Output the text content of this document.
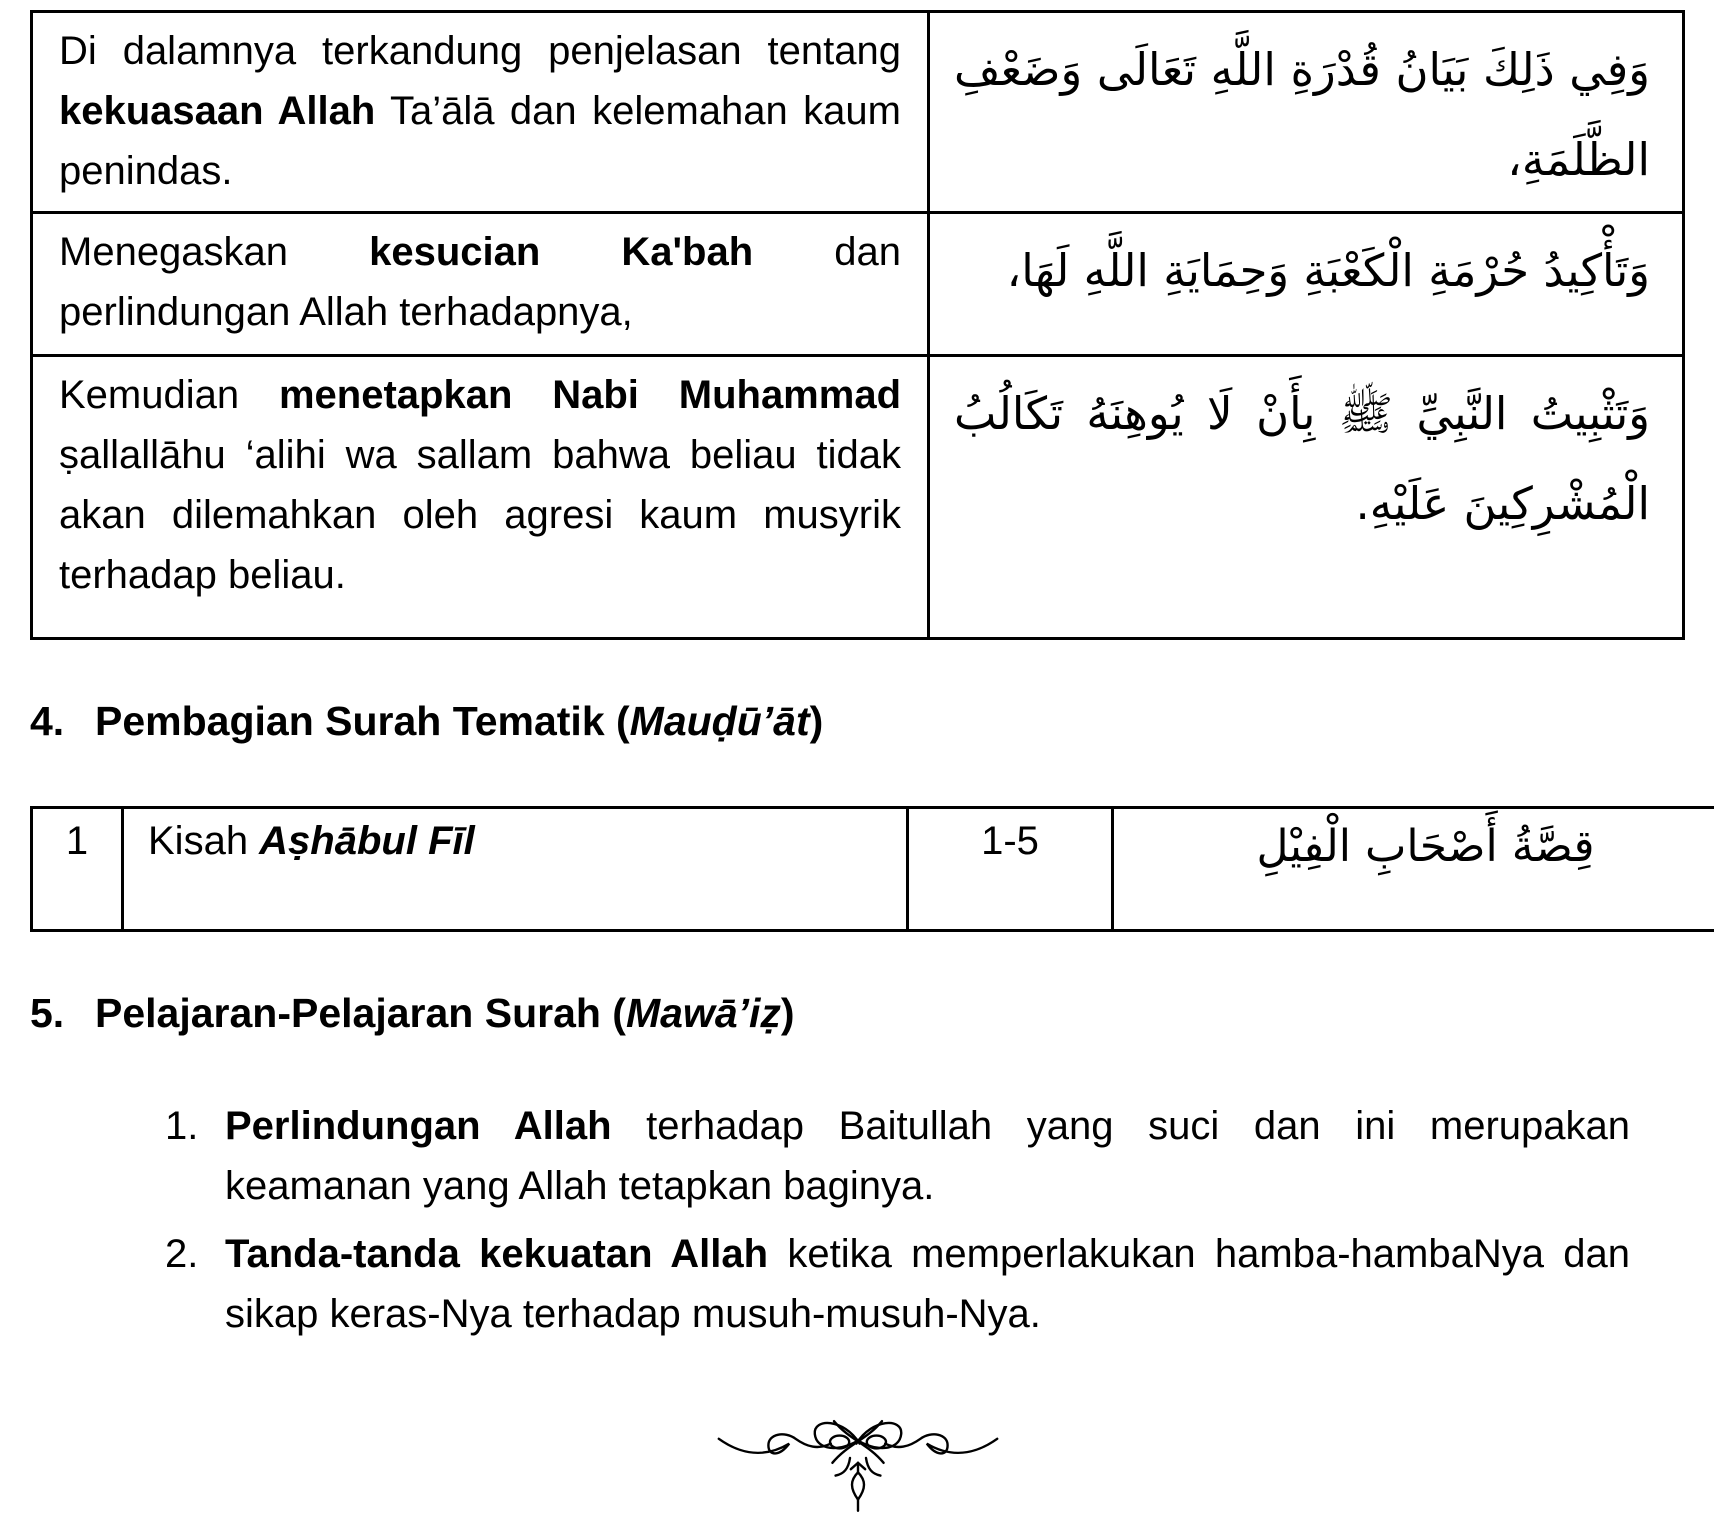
Di dalamnya terkandung penjelasan tentang kekuasaan Allah Ta’ālā dan kelemahan kaum penindas.	وَفِي ذَلِكَ بَيَانُ قُدْرَةِ اللَّهِ تَعَالَى وَضَعْفِ الظَّلَمَةِ،
Menegaskan kesucian Ka'bah dan perlindungan Allah terhadapnya,	وَتَأْكِيدُ حُرْمَةِ الْكَعْبَةِ وَحِمَايَةِ اللَّهِ لَهَا،
Kemudian menetapkan Nabi Muhammad ṣallallāhu ‘alihi wa sallam bahwa beliau tidak akan dilemahkan oleh agresi kaum musyrik terhadap beliau.	وَتَثْبِيتُ النَّبِيِّ ﷺ بِأَنْ لَا يُوهِنَهُ تَكَالُبُ الْمُشْرِكِينَ عَلَيْهِ.
4. Pembagian Surah Tematik (Mauḍū’āt)
1	Kisah Aṣhābul Fīl	1-5	قِصَّةُ أَصْحَابِ الْفِيْلِ
5. Pelajaran-Pelajaran Surah (Mawā’iẓ)
1. Perlindungan Allah terhadap Baitullah yang suci dan ini merupakan keamanan yang Allah tetapkan baginya.
2. Tanda-tanda kekuatan Allah ketika memperlakukan hamba-hambaNya dan sikap keras-Nya terhadap musuh-musuh-Nya.
